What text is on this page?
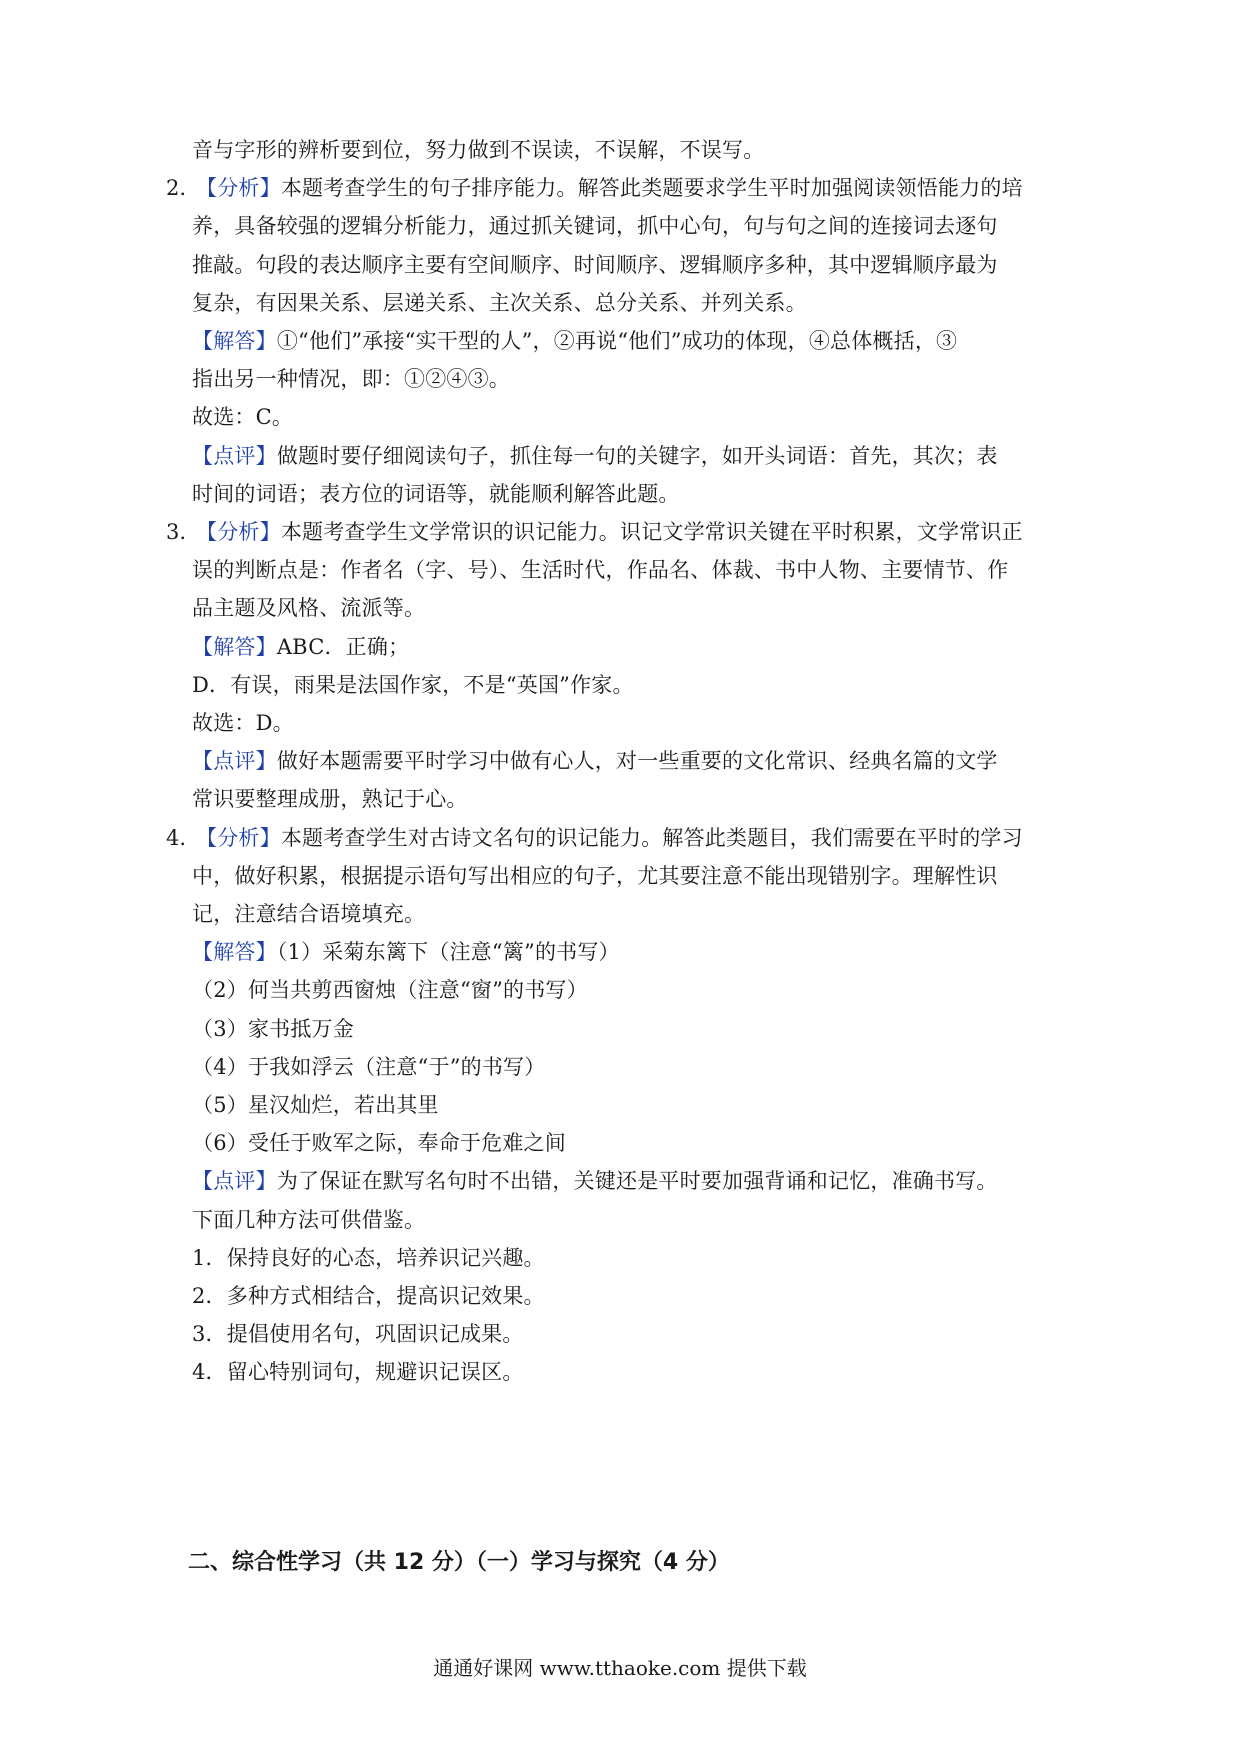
音与字形的辨析要到位，努力做到不误读，不误解，不误写。
2．【分析】本题考查学生的句子排序能力。解答此类题要求学生平时加强阅读领悟能力的培
养，具备较强的逻辑分析能力，通过抓关键词，抓中心句，句与句之间的连接词去逐句
推敲。句段的表达顺序主要有空间顺序、时间顺序、逻辑顺序多种，其中逻辑顺序最为
复杂，有因果关系、层递关系、主次关系、总分关系、并列关系。
【解答】①“他们”承接“实干型的人”，②再说“他们”成功的体现，④总体概括，③
指出另一种情况，即：①②④③。
故选：C。
【点评】做题时要仔细阅读句子，抓住每一句的关键字，如开头词语：首先，其次；表
时间的词语；表方位的词语等，就能顺利解答此题。
3．【分析】本题考查学生文学常识的识记能力。识记文学常识关键在平时积累，文学常识正
误的判断点是：作者名（字、号）、生活时代，作品名、体裁、书中人物、主要情节、作
品主题及风格、流派等。
【解答】ABC．正确；
D．有误，雨果是法国作家，不是“英国”作家。
故选：D。
【点评】做好本题需要平时学习中做有心人，对一些重要的文化常识、经典名篇的文学
常识要整理成册，熟记于心。
4．【分析】本题考查学生对古诗文名句的识记能力。解答此类题目，我们需要在平时的学习
中，做好积累，根据提示语句写出相应的句子，尤其要注意不能出现错别字。理解性识
记，注意结合语境填充。
【解答】（1）采菊东篱下（注意“篱”的书写）
（2）何当共剪西窗烛（注意“窗”的书写）
（3）家书抵万金
（4）于我如浮云（注意“于”的书写）
（5）星汉灿烂，若出其里
（6）受任于败军之际，奉命于危难之间
【点评】为了保证在默写名句时不出错，关键还是平时要加强背诵和记忆，准确书写。
下面几种方法可供借鉴。
1．保持良好的心态，培养识记兴趣。
2．多种方式相结合，提高识记效果。
3．提倡使用名句，巩固识记成果。
4．留心特别词句，规避识记误区。
二、综合性学习（共 12 分）（一）学习与探究（4 分）
通通好课网 www.tthaoke.com 提供下载
